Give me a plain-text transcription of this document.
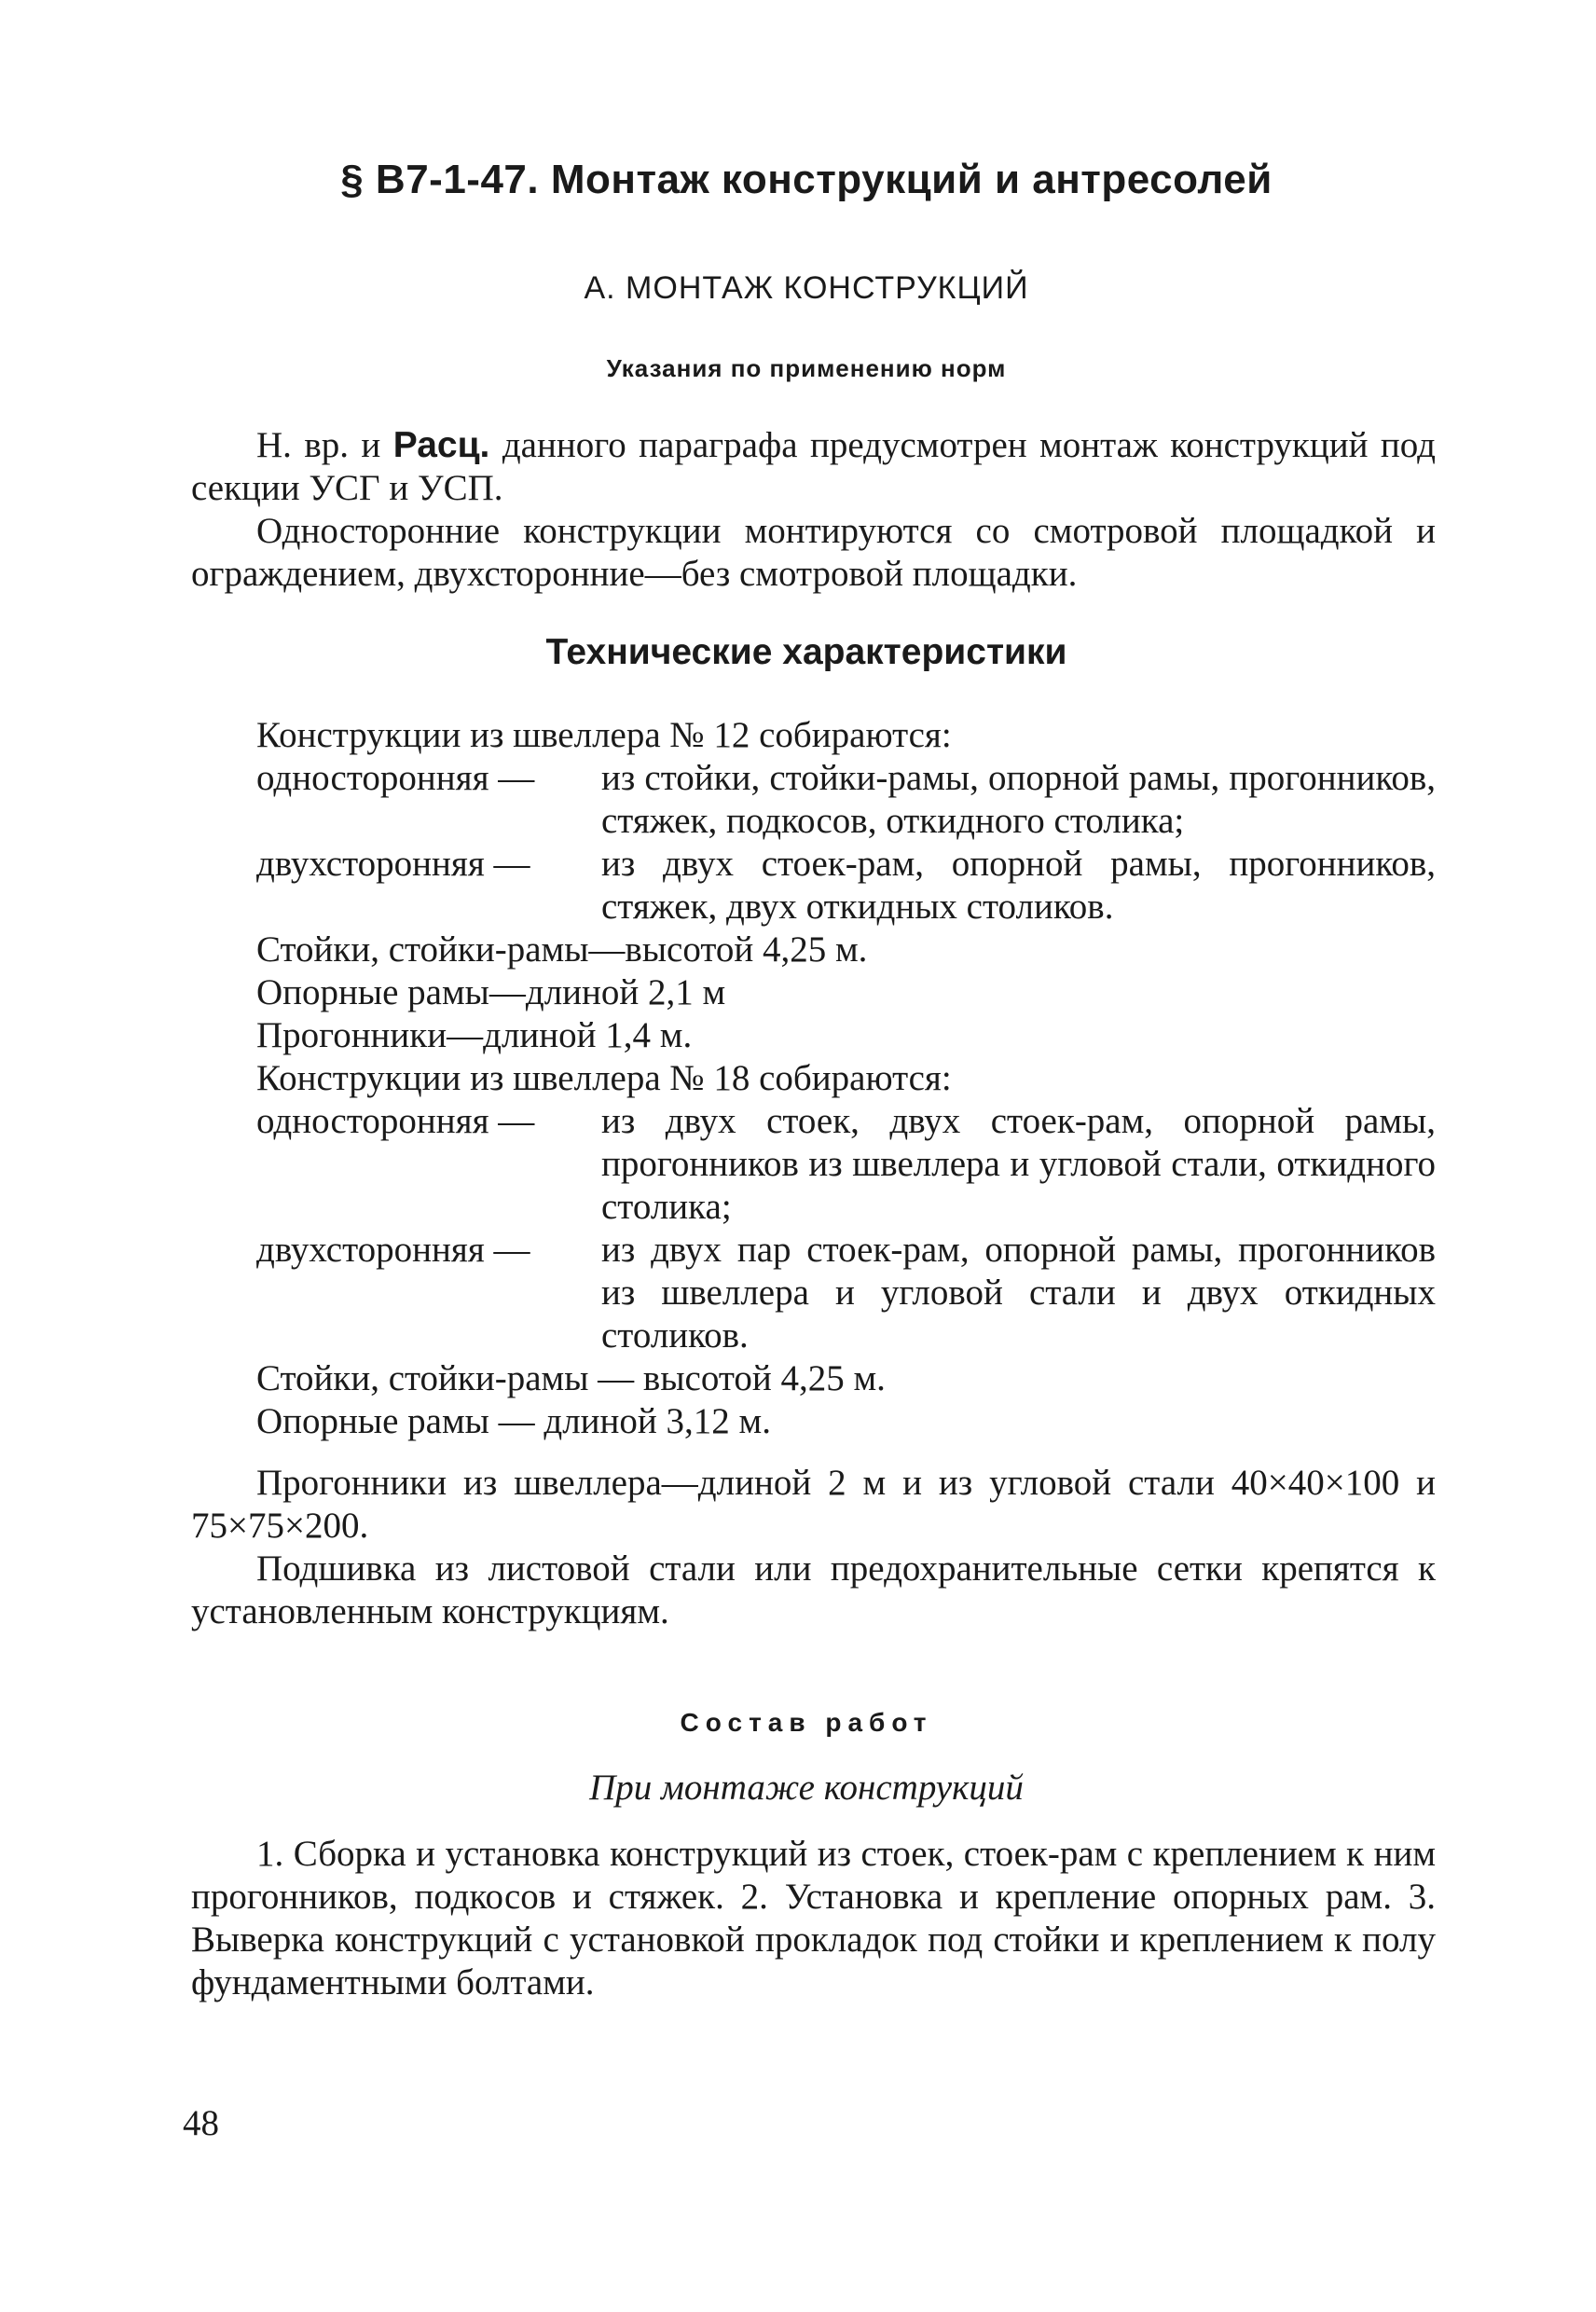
§ В7-1-47. Монтаж конструкций и антресолей
А. МОНТАЖ КОНСТРУКЦИЙ
Указания по применению норм
Н. вр. и Расц. данного параграфа предусмотрен монтаж конструкций под секции УСГ и УСП.
Односторонние конструкции монтируются со смотровой площадкой и ограждением, двухсторонние—без смотровой площадки.
Технические характеристики
Конструкции из швеллера № 12 собираются:
односторонняя —	из стойки, стойки-рамы, опорной рамы, прогонников, стяжек, подкосов, откидного столика;
двухсторонняя —	из двух стоек-рам, опорной рамы, прогонников, стяжек, двух откидных столиков.
Стойки, стойки-рамы—высотой 4,25 м.
Опорные рамы—длиной 2,1 м
Прогонники—длиной 1,4 м.
Конструкции из швеллера № 18 собираются:
односторонняя —	из двух стоек, двух стоек-рам, опорной рамы, прогонников из швеллера и угловой стали, откидного столика;
двухсторонняя —	из двух пар стоек-рам, опорной рамы, прогонников из швеллера и угловой стали и двух откидных столиков.
Стойки, стойки-рамы — высотой 4,25 м.
Опорные рамы — длиной 3,12 м.
Прогонники из швеллера—длиной 2 м и из угловой стали 40×40×100 и 75×75×200.
Подшивка из листовой стали или предохранительные сетки крепятся к установленным конструкциям.
Состав работ
При монтаже конструкций
1. Сборка и установка конструкций из стоек, стоек-рам с креплением к ним прогонников, подкосов и стяжек. 2. Установка и крепление опорных рам. 3. Выверка конструкций с установкой прокладок под стойки и креплением к полу фундаментными болтами.
48
